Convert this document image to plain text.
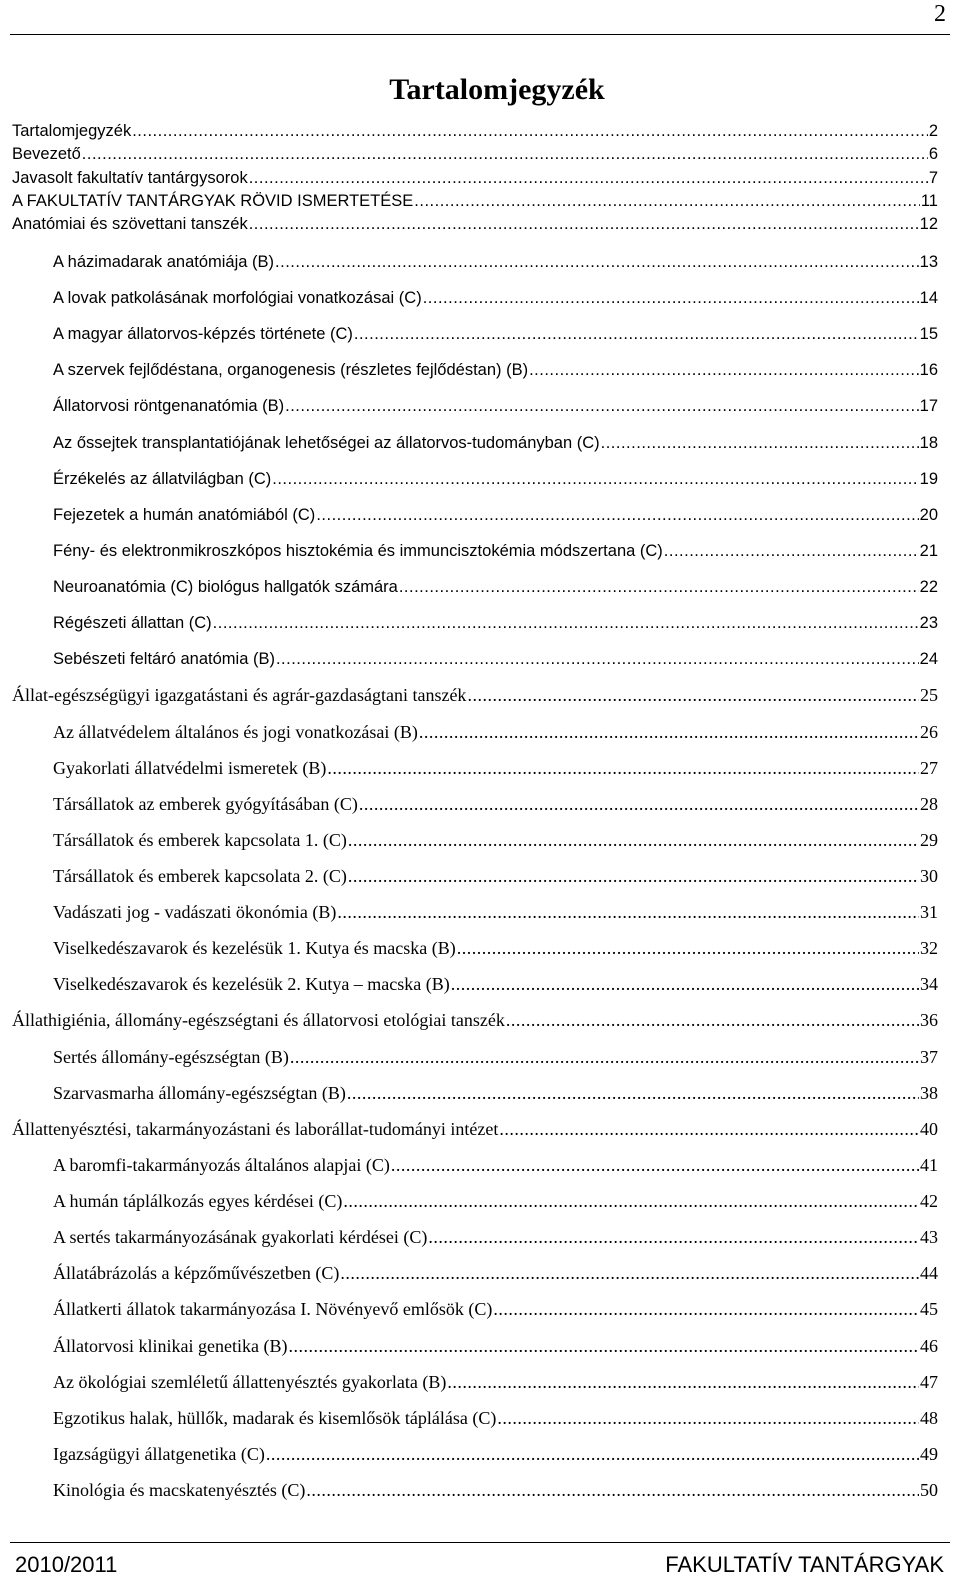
2
Tartalomjegyzék
Tartalomjegyzék .....	2
Bevezető .....	6
Javasolt fakultatív tantárgysorok .....	7
A FAKULTATÍV TANTÁRGYAK RÖVID ISMERTETÉSE .....	11
Anatómiai és szövettani tanszék .....	12
A házimadarak anatómiája (B) .....	13
A lovak patkolásának morfológiai vonatkozásai (C) .....	14
A magyar állatorvos-képzés története (C) .....	15
A szervek fejlődéstana, organogenesis (részletes fejlődéstan) (B) .....	16
Állatorvosi röntgenanatómia (B) .....	17
Az őssejtek transplantatiójának lehetőségei az állatorvos-tudományban (C) .....	18
Érzékelés az állatvilágban (C) .....	19
Fejezetek a humán anatómiából (C) .....	20
Fény- és elektronmikroszkópos hisztokémia és immuncisztokémia módszertana (C) .....	21
Neuroanatómia (C) biológus hallgatók számára .....	22
Régészeti állattan (C) .....	23
Sebészeti feltáró anatómia (B) .....	24
Állat-egészségügyi igazgatástani és agrár-gazdaságtani tanszék .....	25
Az állatvédelem általános és jogi vonatkozásai (B) .....	26
Gyakorlati állatvédelmi ismeretek (B) .....	27
Társállatok az emberek gyógyításában (C) .....	28
Társállatok és emberek kapcsolata 1. (C) .....	29
Társállatok és emberek kapcsolata 2. (C) .....	30
Vadászati jog - vadászati ökonómia (B) .....	31
Viselkedészavarok és kezelésük 1. Kutya és macska (B) .....	32
Viselkedészavarok és kezelésük 2. Kutya – macska (B) .....	34
Állathigiénia, állomány-egészségtani és állatorvosi etológiai tanszék .....	36
Sertés állomány-egészségtan (B) .....	37
Szarvasmarha állomány-egészségtan (B) .....	38
Állattenyésztési, takarmányozástani és laborállat-tudományi intézet .....	40
A baromfi-takarmányozás általános alapjai (C) .....	41
A humán táplálkozás egyes kérdései (C) .....	42
A sertés takarmányozásának gyakorlati kérdései (C) .....	43
Állatábrázolás a képzőművészetben (C) .....	44
Állatkerti állatok takarmányozása I. Növényevő emlősök (C) .....	45
Állatorvosi klinikai genetika (B) .....	46
Az ökológiai szemléletű állattenyésztés gyakorlata (B) .....	47
Egzotikus halak, hüllők, madarak és kisemlősök táplálása (C) .....	48
Igazságügyi állatgenetika (C) .....	49
Kinológia és macskatenyésztés (C) .....	50
2010/2011	FAKULTATÍV TANTÁRGYAK
